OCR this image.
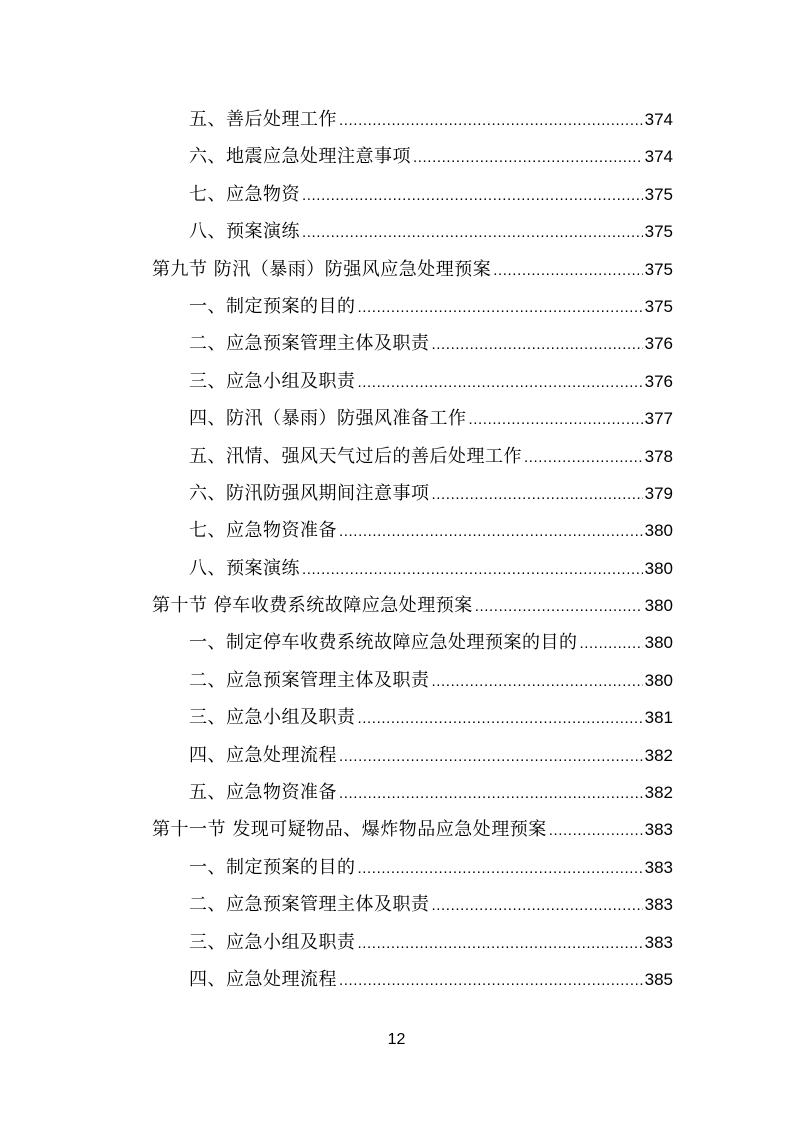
五、善后处理工作 .....	374
六、地震应急处理注意事项 .....	374
七、应急物资 .....	375
八、预案演练 .....	375
第九节 防汛（暴雨）防强风应急处理预案 .....	375
一、制定预案的目的 .....	375
二、应急预案管理主体及职责 .....	376
三、应急小组及职责 .....	376
四、防汛（暴雨）防强风准备工作 .....	377
五、汛情、强风天气过后的善后处理工作 .....	378
六、防汛防强风期间注意事项 .....	379
七、应急物资准备 .....	380
八、预案演练 .....	380
第十节 停车收费系统故障应急处理预案 .....	380
一、制定停车收费系统故障应急处理预案的目的 .....	380
二、应急预案管理主体及职责 .....	380
三、应急小组及职责 .....	381
四、应急处理流程 .....	382
五、应急物资准备 .....	382
第十一节 发现可疑物品、爆炸物品应急处理预案 .....	383
一、制定预案的目的 .....	383
二、应急预案管理主体及职责 .....	383
三、应急小组及职责 .....	383
四、应急处理流程 .....	385
12
